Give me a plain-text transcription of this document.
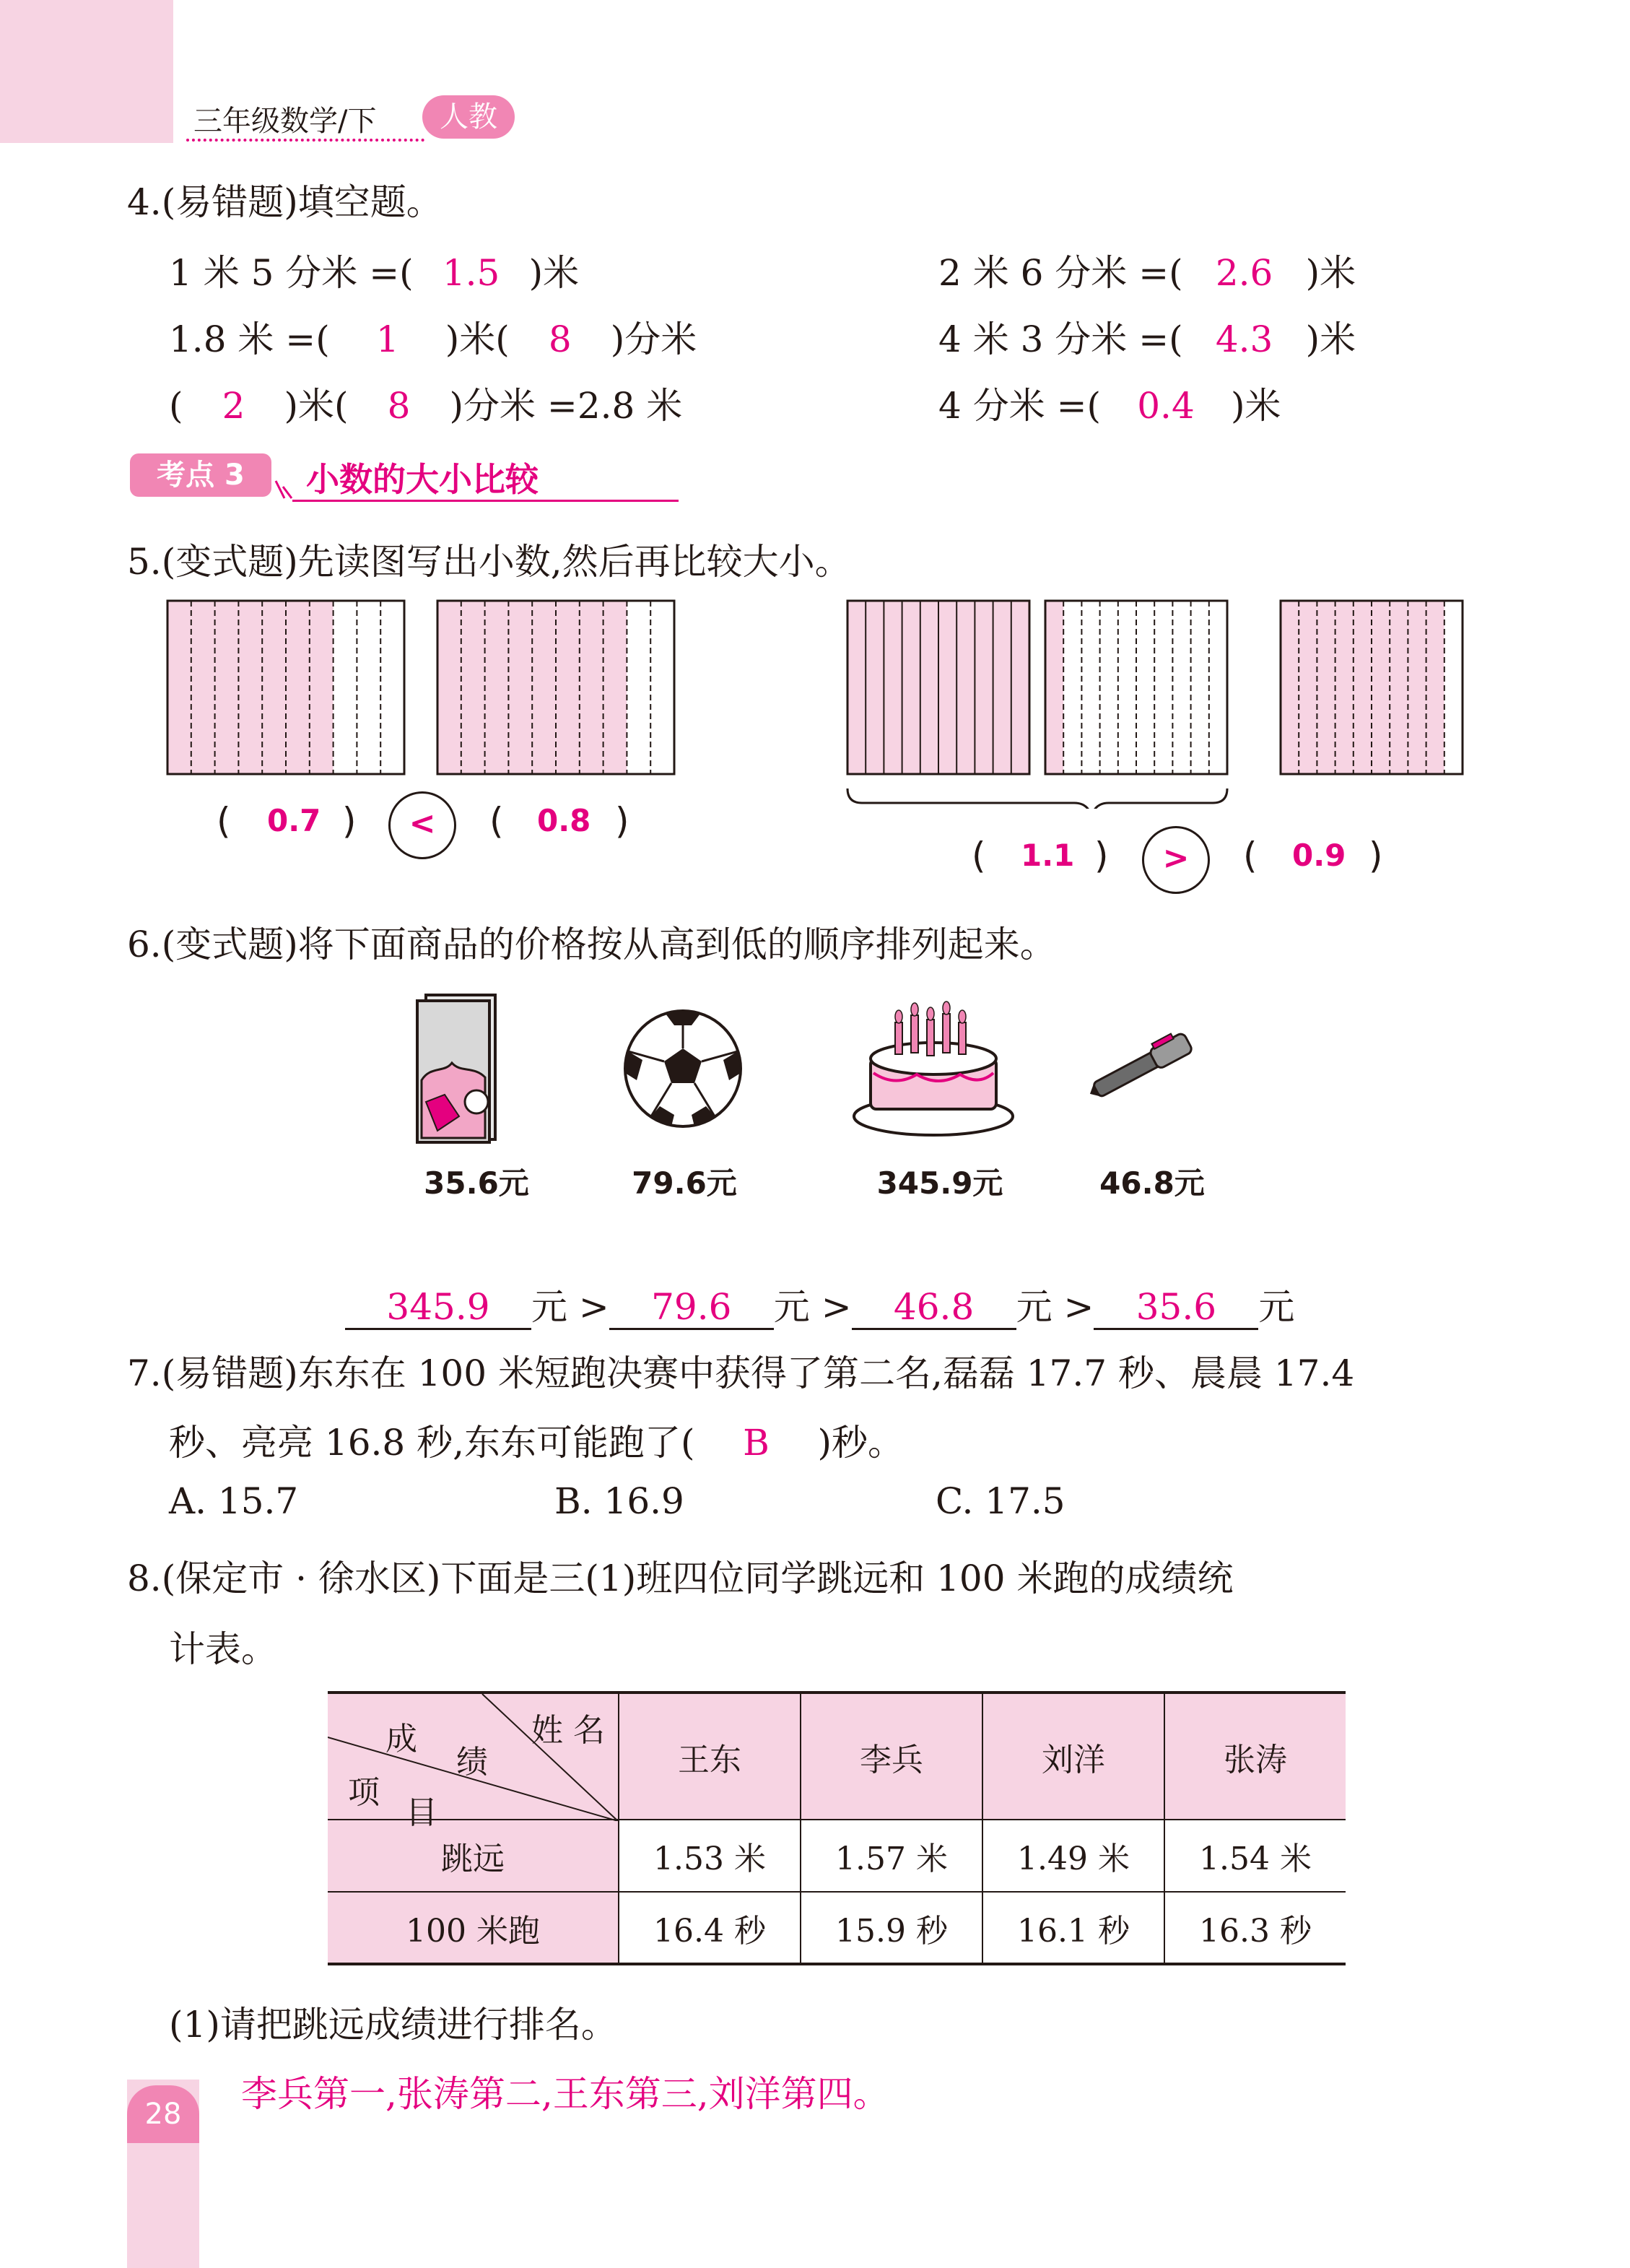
三年级数学/下	人教
4.(易错题)填空题。
1 米 5 分米 =( 1.5 )米	2 米 6 分米 =( 2.6 )米
1.8 米 =( 1 )米( 8 )分米	4 米 3 分米 =( 4.3 )米
( 2 )米( 8 )分米 =2.8 米	4 分米 =( 0.4 )米
考点 3	小数的大小比较
5.(变式题)先读图写出小数,然后再比较大小。
( 0.7 )	<	( 0.8 )
( 1.1 )	>	( 0.9 )
6.(变式题)将下面商品的价格按从高到低的顺序排列起来。
35.6元	79.6元	345.9元	46.8元
345.9 元 > 79.6 元 > 46.8 元 > 35.6 元
7.(易错题)东东在 100 米短跑决赛中获得了第二名,磊磊 17.7 秒、晨晨 17.4
秒、亮亮 16.8 秒,东东可能跑了( B )秒。
A. 15.7	B. 16.9	C. 17.5
8.(保定市 · 徐水区)下面是三(1)班四位同学跳远和 100 米跑的成绩统
计表。
姓 名
成
绩
项
目	王东	李兵	刘洋	张涛
跳远	1.53 米	1.57 米	1.49 米	1.54 米
100 米跑	16.4 秒	15.9 秒	16.1 秒	16.3 秒
(1)请把跳远成绩进行排名。
李兵第一,张涛第二,王东第三,刘洋第四。
28
